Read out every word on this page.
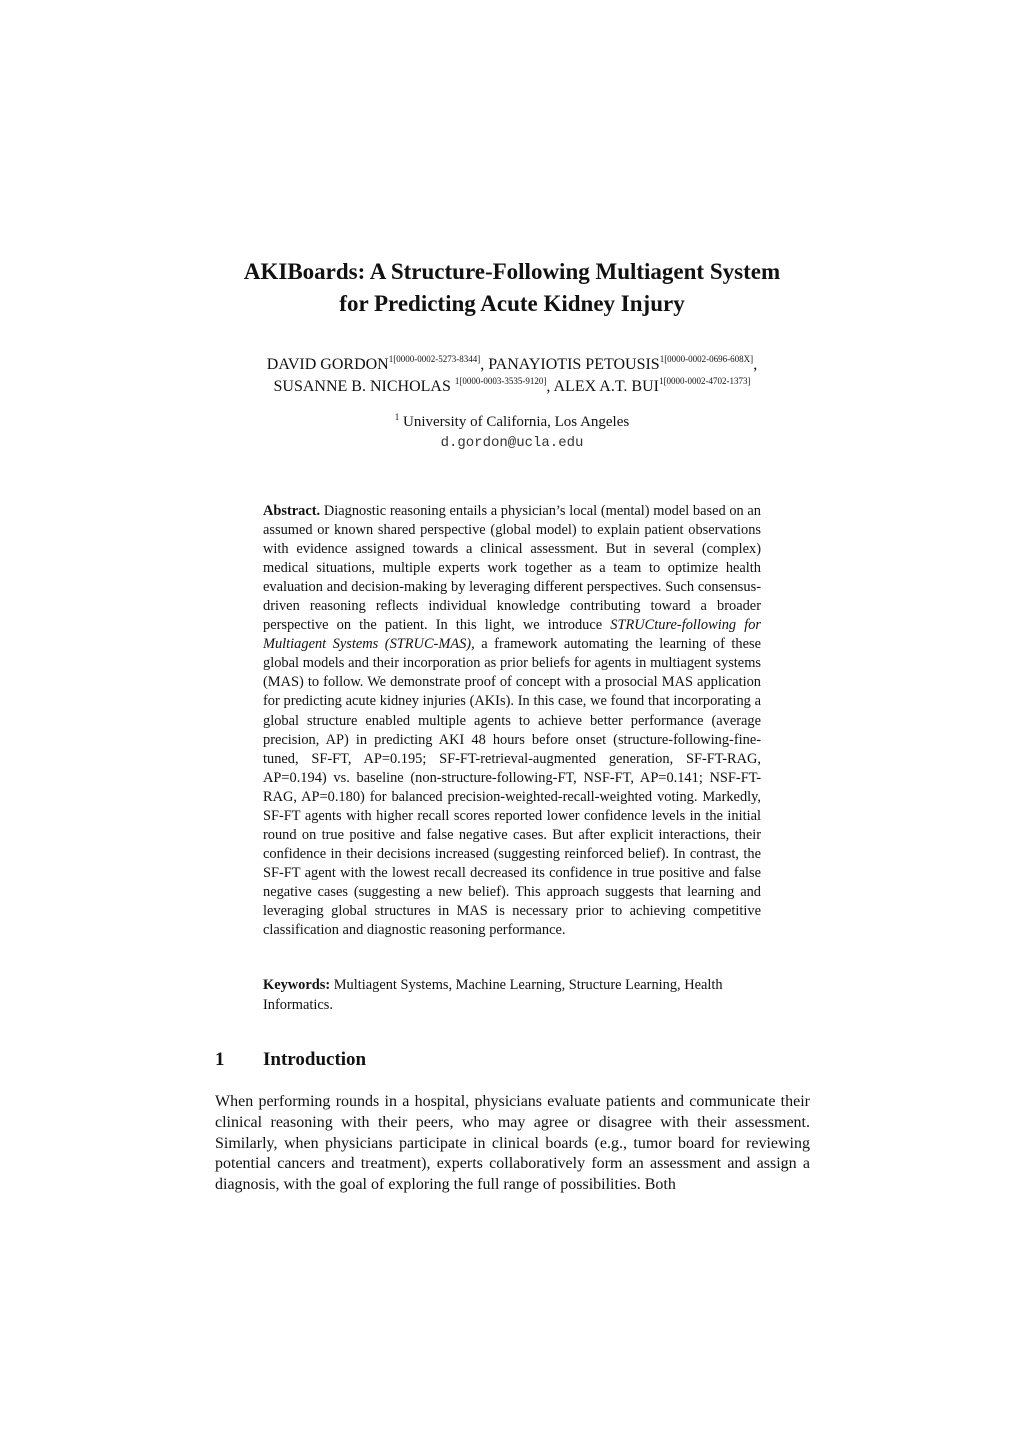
AKIBoards: A Structure-Following Multiagent System
for Predicting Acute Kidney Injury
DAVID $GORDON^{1[0000-0002-5273-8344]}$, PANAYIOTIS $PETOUSIS^{1[0000-0002-0696-608X]}$,
SUSANNE B. NICHOLAS $^{1[0000-0003-3535-9120]}$, ALEX A.T. $BUI^{1[0000-0002-4702-1373]}$
$^1$ University of California, Los Angeles
d.gordon@ucla.edu

Abstract. Diagnostic reasoning entails a physician’s local (mental) model based on an assumed or known shared perspective (global model) to explain patient observations with evidence assigned towards a clinical assessment. But in several (complex) medical situations, multiple experts work together as a team to optimize health evaluation and decision-making by leveraging different perspectives. Such consensus-driven reasoning reflects individual knowledge contributing toward a broader perspective on the patient. In this light, we introduce STRUCture-following for Multiagent Systems (STRUC-MAS), a framework automating the learning of these global models and their incorporation as prior beliefs for agents in multiagent systems (MAS) to follow. We demonstrate proof of concept with a prosocial MAS application for predicting acute kidney injuries (AKIs). In this case, we found that incorporating a global structure enabled multiple agents to achieve better performance (average precision, AP) in predicting AKI 48 hours before onset (structure-following-fine-tuned, SF-FT, AP=0.195; SF-FT-retrieval-augmented generation, SF-FT-RAG, AP=0.194) vs. baseline (non-structure-following-FT, NSF-FT, AP=0.141; NSF-FT-RAG, AP=0.180) for balanced precision-weighted-recall-weighted voting. Markedly, SF-FT agents with higher recall scores reported lower confidence levels in the initial round on true positive and false negative cases. But after explicit interactions, their confidence in their decisions increased (suggesting reinforced belief). In contrast, the SF-FT agent with the lowest recall decreased its confidence in true positive and false negative cases (suggesting a new belief). This approach suggests that learning and leveraging global structures in MAS is necessary prior to achieving competitive classification and diagnostic reasoning performance.

Keywords: Multiagent Systems, Machine Learning, Structure Learning, Health Informatics.

1 Introduction

When performing rounds in a hospital, physicians evaluate patients and communicate their clinical reasoning with their peers, who may agree or disagree with their assessment. Similarly, when physicians participate in clinical boards (e.g., tumor board for reviewing potential cancers and treatment), experts collaboratively form an assessment and assign a diagnosis, with the goal of exploring the full range of possibilities. Both
